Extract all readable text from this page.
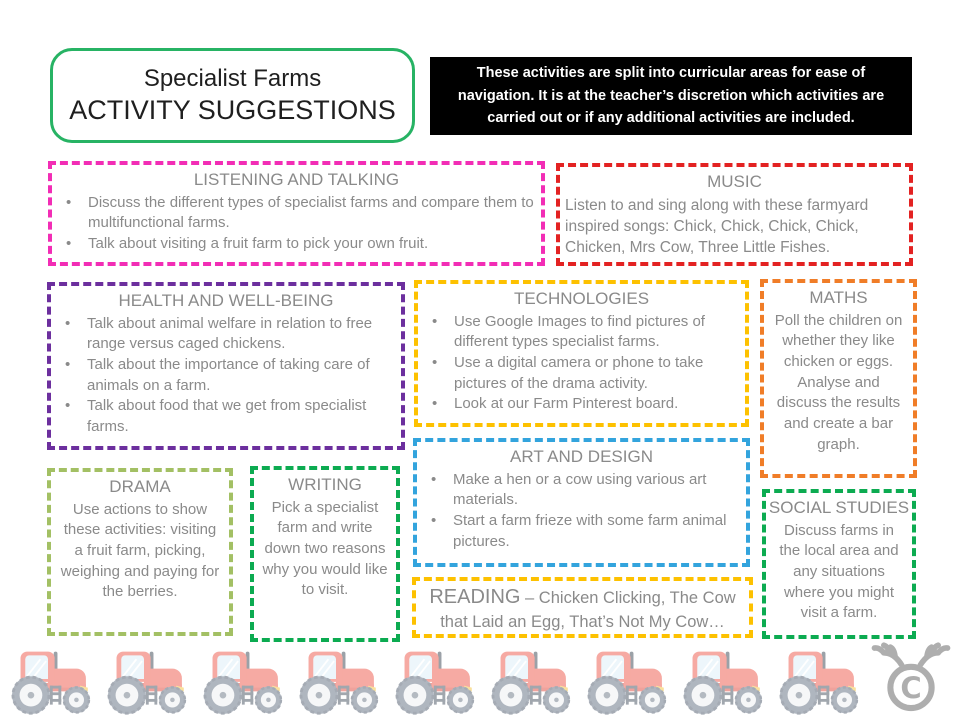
Specialist Farms
ACTIVITY SUGGESTIONS
These activities are split into curricular areas for ease of navigation. It is at the teacher’s discretion which activities are carried out or if any additional activities are included.
LISTENING AND TALKING
• Discuss the different types of specialist farms and compare them to multifunctional farms.
• Talk about visiting a fruit farm to pick your own fruit.
MUSIC
Listen to and sing along with these farmyard inspired songs: Chick, Chick, Chick, Chick, Chicken, Mrs Cow, Three Little Fishes.
HEALTH AND WELL-BEING
• Talk about animal welfare in relation to free range versus caged chickens.
• Talk about the importance of taking care of animals on a farm.
• Talk about food that we get from specialist farms.
TECHNOLOGIES
• Use Google Images to find pictures of different types specialist farms.
• Use a digital camera or phone to take pictures of the drama activity.
• Look at our Farm Pinterest board.
MATHS
Poll the children on whether they like chicken or eggs. Analyse and discuss the results and create a bar graph.
ART AND DESIGN
• Make a hen or a cow using various art materials.
• Start a farm frieze with some farm animal pictures.
DRAMA
Use actions to show these activities: visiting a fruit farm, picking, weighing and paying for the berries.
WRITING
Pick a specialist farm and write down two reasons why you would like to visit.
SOCIAL STUDIES
Discuss farms in the local area and any situations where you might visit a farm.

READING – Chicken Clicking, The Cow that Laid an Egg, That’s Not My Cow…

C
